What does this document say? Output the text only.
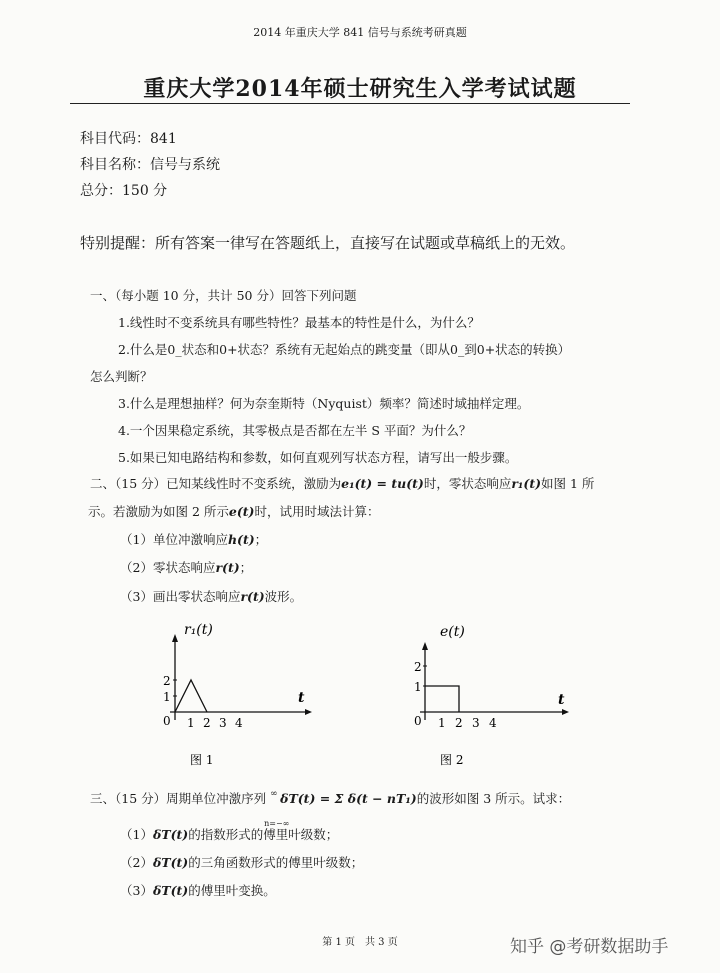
2014 年重庆大学 841 信号与系统考研真题
重庆大学2014年硕士研究生入学考试试题
科目代码：841
科目名称：信号与系统
总分：150 分
特别提醒：所有答案一律写在答题纸上，直接写在试题或草稿纸上的无效。
一、（每小题 10 分，共计 50 分）回答下列问题
1.线性时不变系统具有哪些特性？最基本的特性是什么，为什么？
2.什么是0_状态和0+状态？系统有无起始点的跳变量（即从0_到0+状态的转换）
怎么判断？
3.什么是理想抽样？何为奈奎斯特（Nyquist）频率？简述时域抽样定理。
4.一个因果稳定系统，其零极点是否都在左半 S 平面？为什么？
5.如果已知电路结构和参数，如何直观列写状态方程，请写出一般步骤。
二、（15 分）已知某线性时不变系统，激励为e₁(t) = tu(t)时，零状态响应r₁(t)如图 1 所
示。若激励为如图 2 所示e(t)时，试用时域法计算：
（1）单位冲激响应h(t)；
（2）零状态响应r(t)；
（3）画出零状态响应r(t)波形。
r₁(t)
t
2
1
0 1 2 3 4
图 1
e(t)
t
2
1
0 1 2 3 4
图 2
三、（15 分）周期单位冲激序列 ∞
n=−∞
δT(t) = Σ δ(t − nT₁)的波形如图 3 所示。试求：
（1）δT(t)的指数形式的傅里叶级数；
（2）δT(t)的三角函数形式的傅里叶级数；
（3）δT(t)的傅里叶变换。
第 1 页　共 3 页	知乎 @考研数据助手
